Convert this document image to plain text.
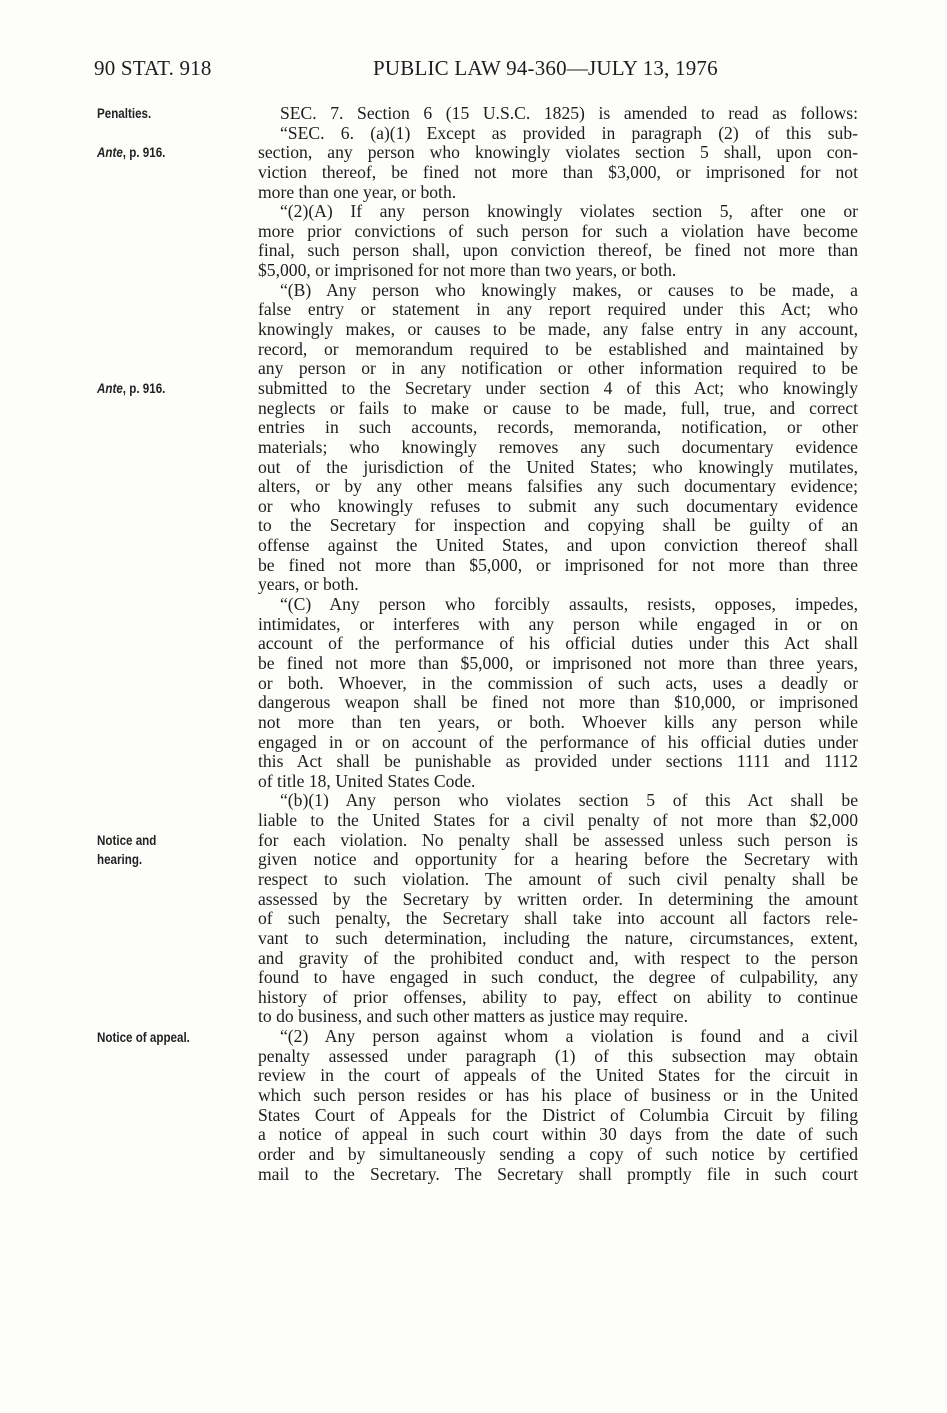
90 STAT. 918	PUBLIC LAW 94-360—JULY 13, 1976
Penalties.
Ante, p. 916.
Ante, p. 916.
Notice and hearing.
Notice of appeal.
SEC. 7. Section 6 (15 U.S.C. 1825) is amended to read as follows:
“SEC. 6. (a)(1) Except as provided in paragraph (2) of this sub-
section, any person who knowingly violates section 5 shall, upon con-
viction thereof, be fined not more than $3,000, or imprisoned for not
more than one year, or both.
“(2)(A) If any person knowingly violates section 5, after one or
more prior convictions of such person for such a violation have become
final, such person shall, upon conviction thereof, be fined not more than
$5,000, or imprisoned for not more than two years, or both.
“(B) Any person who knowingly makes, or causes to be made, a
false entry or statement in any report required under this Act; who
knowingly makes, or causes to be made, any false entry in any account,
record, or memorandum required to be established and maintained by
any person or in any notification or other information required to be
submitted to the Secretary under section 4 of this Act; who knowingly
neglects or fails to make or cause to be made, full, true, and correct
entries in such accounts, records, memoranda, notification, or other
materials; who knowingly removes any such documentary evidence
out of the jurisdiction of the United States; who knowingly mutilates,
alters, or by any other means falsifies any such documentary evidence;
or who knowingly refuses to submit any such documentary evidence
to the Secretary for inspection and copying shall be guilty of an
offense against the United States, and upon conviction thereof shall
be fined not more than $5,000, or imprisoned for not more than three
years, or both.
“(C) Any person who forcibly assaults, resists, opposes, impedes,
intimidates, or interferes with any person while engaged in or on
account of the performance of his official duties under this Act shall
be fined not more than $5,000, or imprisoned not more than three years,
or both. Whoever, in the commission of such acts, uses a deadly or
dangerous weapon shall be fined not more than $10,000, or imprisoned
not more than ten years, or both. Whoever kills any person while
engaged in or on account of the performance of his official duties under
this Act shall be punishable as provided under sections 1111 and 1112
of title 18, United States Code.
“(b)(1) Any person who violates section 5 of this Act shall be
liable to the United States for a civil penalty of not more than $2,000
for each violation. No penalty shall be assessed unless such person is
given notice and opportunity for a hearing before the Secretary with
respect to such violation. The amount of such civil penalty shall be
assessed by the Secretary by written order. In determining the amount
of such penalty, the Secretary shall take into account all factors rele-
vant to such determination, including the nature, circumstances, extent,
and gravity of the prohibited conduct and, with respect to the person
found to have engaged in such conduct, the degree of culpability, any
history of prior offenses, ability to pay, effect on ability to continue
to do business, and such other matters as justice may require.
“(2) Any person against whom a violation is found and a civil
penalty assessed under paragraph (1) of this subsection may obtain
review in the court of appeals of the United States for the circuit in
which such person resides or has his place of business or in the United
States Court of Appeals for the District of Columbia Circuit by filing
a notice of appeal in such court within 30 days from the date of such
order and by simultaneously sending a copy of such notice by certified
mail to the Secretary. The Secretary shall promptly file in such court
